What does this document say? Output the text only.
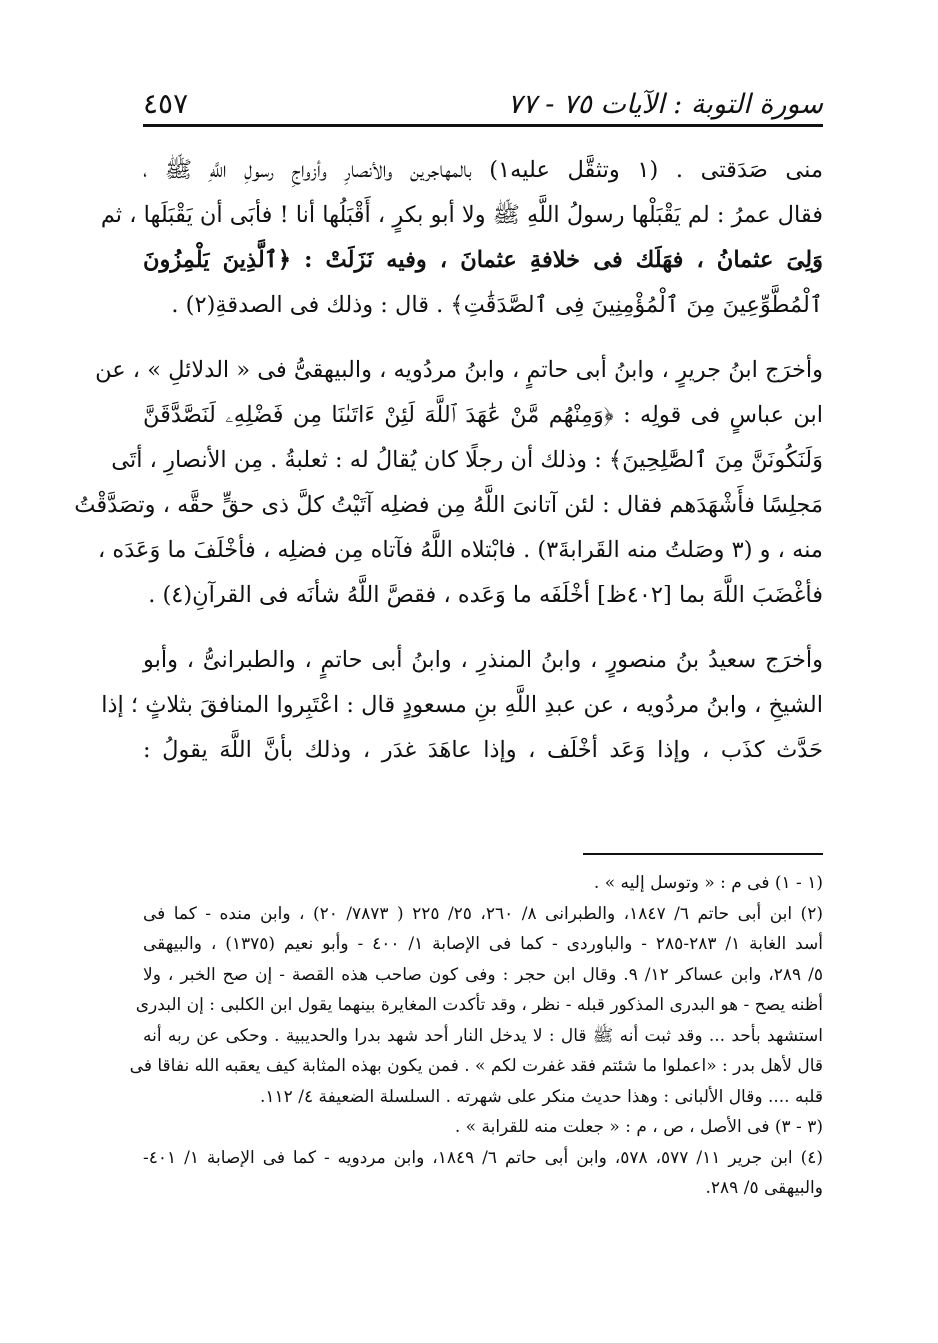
سورة التوبة : الآيات ٧٥ - ٧٧
٤٥٧
منى صَدَقتى . (١ وتثقَّل عليه١) بالمهاجرين والأنصارِ وأزواجِ رسولِ اللَّهِ ﷺ ،
فقال عمرُ : لم يَقْبَلْها رسولُ اللَّهِ ﷺ ولا أبو بكرٍ ، أَقْبَلُها أنا ! فأبَى أن يَقْبَلَها ، ثم
وَلِىَ عثمانُ ، فهَلَك فى خلافةِ عثمانَ ، وفيه نَزَلَتْ : ﴿ٱلَّذِينَ يَلْمِزُونَ
ٱلْمُطَّوِّعِينَ مِنَ ٱلْمُؤْمِنِينَ فِى ٱلصَّدَقَٰتِ﴾ . قال : وذلك فى الصدقةِ(٢) .
وأخرَج ابنُ جريرٍ ، وابنُ أبى حاتمٍ ، وابنُ مردُويه ، والبيهقىُّ فى « الدلائلِ » ، عن
ابن عباسٍ فى قولِه : ﴿وَمِنْهُم مَّنْ عَٰهَدَ ٱللَّهَ لَئِنْ ءَاتَىٰنَا مِن فَضْلِهِۦ لَنَصَّدَّقَنَّ
وَلَنَكُونَنَّ مِنَ ٱلصَّٰلِحِينَ﴾ : وذلك أن رجلًا كان يُقالُ له : ثعلبةُ . مِن الأنصارِ ، أتَى
مَجلِسًا فأَشْهَدَهم فقال : لئن آتانىَ اللَّهُ مِن فضلِه آتَيْتُ كلَّ ذى حقٍّ حقَّه ، وتصَدَّقْتُ
منه ، و (٣ وصَلتُ منه القَرابةَ٣) . فابْتلاه اللَّهُ فآتاه مِن فضلِه ، فأخْلَفَ ما وَعَدَه ،
فأغْضَبَ اللَّهَ بما [٤٠٢ظ] أخْلَفَه ما وَعَده ، فقصَّ اللَّهُ شأنَه فى القرآنِ(٤) .
وأخرَج سعيدُ بنُ منصورٍ ، وابنُ المنذرِ ، وابنُ أبى حاتمٍ ، والطبرانىُّ ، وأبو
الشيخِ ، وابنُ مردُويه ، عن عبدِ اللَّهِ بنِ مسعودٍ قال : اعْتَبِروا المنافقَ بثلاثٍ ؛ إذا
حَدَّث كذَب ، وإذا وَعَد أخْلَف ، وإذا عاهَدَ غدَر ، وذلك بأنَّ اللَّهَ يقولُ :
(١ - ١) فى م : « وتوسل إليه » .
(٢) ابن أبى حاتم ٦/ ١٨٤٧، والطبرانى ٨/ ٢٦٠، ٢٥/ ٢٢٥ ( ٧٨٧٣/ ٢٠) ، وابن منده - كما فى
أسد الغابة ١/ ٢٨٣-٢٨٥ - والباوردى - كما فى الإصابة ١/ ٤٠٠ - وأبو نعيم (١٣٧٥) ، والبيهقى
٥/ ٢٨٩، وابن عساكر ١٢/ ٩. وقال ابن حجر : وفى كون صاحب هذه القصة - إن صح الخبر ، ولا
أظنه يصح - هو البدرى المذكور قبله - نظر ، وقد تأكدت المغايرة بينهما يقول ابن الكلبى : إن البدرى
استشهد بأحد ... وقد ثبت أنه ﷺ قال : لا يدخل النار أحد شهد بدرا والحديبية . وحكى عن ربه أنه
قال لأهل بدر : «اعملوا ما شئتم فقد غفرت لكم » . فمن يكون بهذه المثابة كيف يعقبه الله نفاقا فى
قلبه .... وقال الألبانى : وهذا حديث منكر على شهرته . السلسلة الضعيفة ٤/ ١١٢.
(٣ - ٣) فى الأصل ، ص ، م : « جعلت منه للقرابة » .
(٤) ابن جرير ١١/ ٥٧٧، ٥٧٨، وابن أبى حاتم ٦/ ١٨٤٩، وابن مردويه - كما فى الإصابة ١/ ٤٠١-
والبيهقى ٥/ ٢٨٩.
